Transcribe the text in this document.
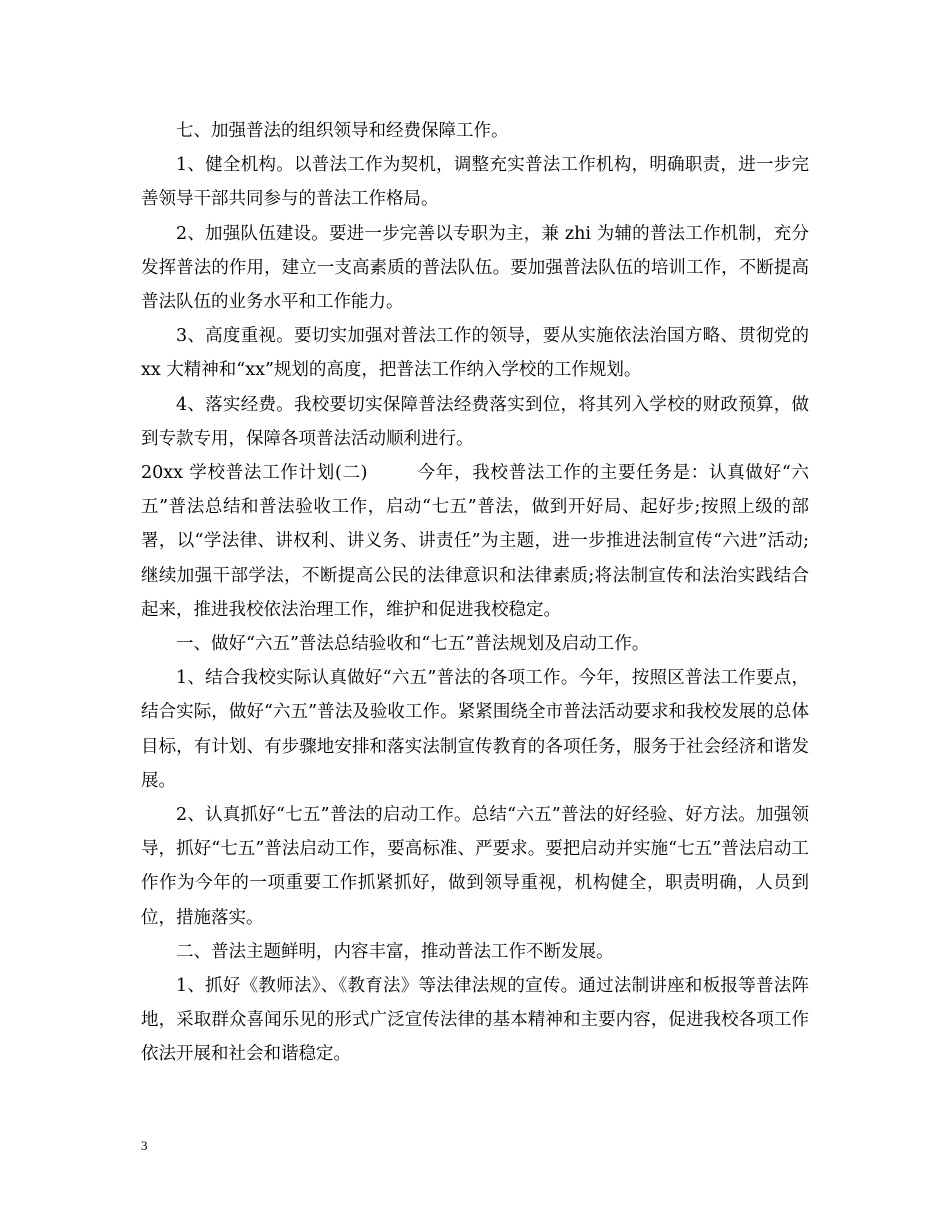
七、加强普法的组织领导和经费保障工作。

1、健全机构。以普法工作为契机，调整充实普法工作机构，明确职责，进一步完善领导干部共同参与的普法工作格局。

2、加强队伍建设。要进一步完善以专职为主，兼 zhi 为辅的普法工作机制，充分发挥普法的作用，建立一支高素质的普法队伍。要加强普法队伍的培训工作，不断提高普法队伍的业务水平和工作能力。

3、高度重视。要切实加强对普法工作的领导，要从实施依法治国方略、贯彻党的 xx 大精神和“xx”规划的高度，把普法工作纳入学校的工作规划。

4、落实经费。我校要切实保障普法经费落实到位，将其列入学校的财政预算，做到专款专用，保障各项普法活动顺利进行。

20xx 学校普法工作计划(二)        今年，我校普法工作的主要任务是：认真做好“六五”普法总结和普法验收工作，启动“七五”普法，做到开好局、起好步;按照上级的部署，以“学法律、讲权利、讲义务、讲责任”为主题，进一步推进法制宣传“六进”活动;继续加强干部学法，不断提高公民的法律意识和法律素质;将法制宣传和法治实践结合起来，推进我校依法治理工作，维护和促进我校稳定。

一、做好“六五”普法总结验收和“七五”普法规划及启动工作。

1、结合我校实际认真做好“六五”普法的各项工作。今年，按照区普法工作要点，结合实际，做好“六五”普法及验收工作。紧紧围绕全市普法活动要求和我校发展的总体目标，有计划、有步骤地安排和落实法制宣传教育的各项任务，服务于社会经济和谐发展。

2、认真抓好“七五”普法的启动工作。总结“六五”普法的好经验、好方法。加强领导，抓好“七五”普法启动工作，要高标准、严要求。要把启动并实施“七五”普法启动工作作为今年的一项重要工作抓紧抓好，做到领导重视，机构健全，职责明确，人员到位，措施落实。

二、普法主题鲜明，内容丰富，推动普法工作不断发展。

1、抓好《教师法》、《教育法》等法律法规的宣传。通过法制讲座和板报等普法阵地，采取群众喜闻乐见的形式广泛宣传法律的基本精神和主要内容，促进我校各项工作依法开展和社会和谐稳定。

3
